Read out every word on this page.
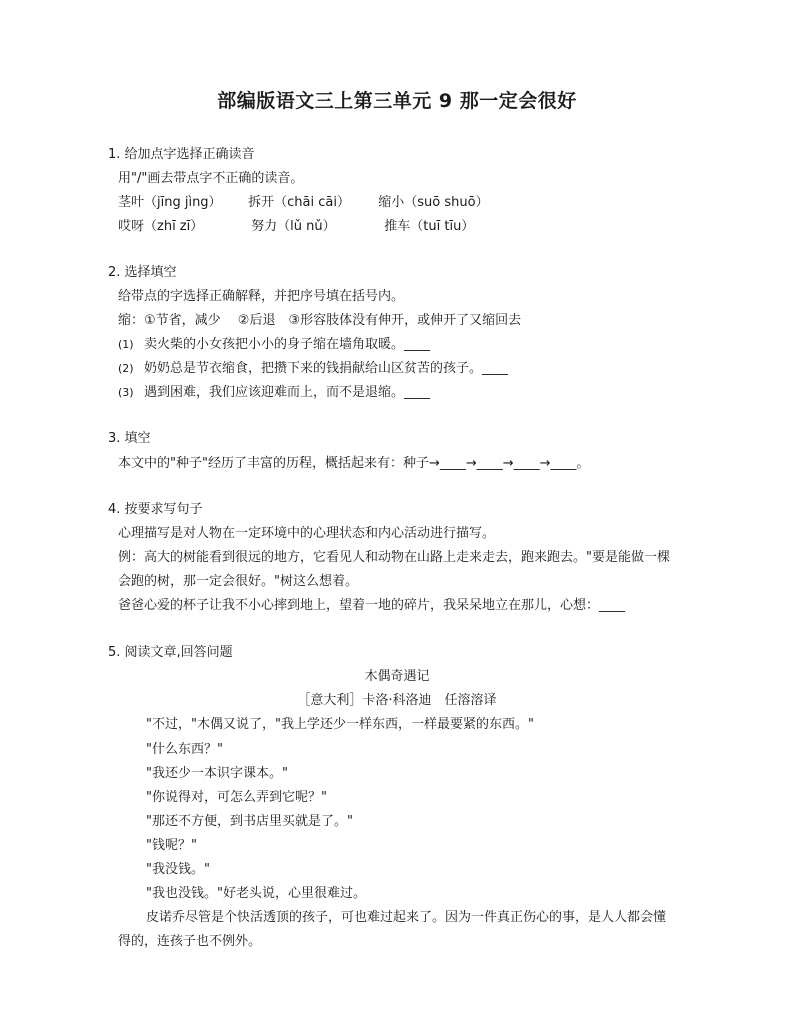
部编版语文三上第三单元 9 那一定会很好
1. 给加点字选择正确读音
用"/"画去带点字不正确的读音。
茎叶（jīng jìng） 拆开（chāi cāi） 缩小（suō shuō）
哎呀（zhī zī）	努力（lǔ nǔ）	推车（tuī tīu）
2. 选择填空
给带点的字选择正确解释，并把序号填在括号内。
缩：①节省，减少　 ②后退　③形容肢体没有伸开，或伸开了又缩回去
(1) 卖火柴的小女孩把小小的身子缩在墙角取暖。____
(2) 奶奶总是节衣缩食，把攒下来的钱捐献给山区贫苦的孩子。____
(3) 遇到困难，我们应该迎难而上，而不是退缩。____
3. 填空
本文中的"种子"经历了丰富的历程，概括起来有：种子→____→____→____→____。
4. 按要求写句子
心理描写是对人物在一定环境中的心理状态和内心活动进行描写。
例：高大的树能看到很远的地方，它看见人和动物在山路上走来走去，跑来跑去。"要是能做一棵
会跑的树，那一定会很好。"树这么想着。
爸爸心爱的杯子让我不小心摔到地上，望着一地的碎片，我呆呆地立在那儿，心想：____
5. 阅读文章,回答问题
木偶奇遇记
［意大利］卡洛·科洛迪　任溶溶译
"不过，"木偶又说了，"我上学还少一样东西，一样最要紧的东西。"
"什么东西？"
"我还少一本识字课本。"
"你说得对，可怎么弄到它呢？"
"那还不方便，到书店里买就是了。"
"钱呢？"
"我没钱。"
"我也没钱。"好老头说，心里很难过。
皮诺乔尽管是个快活透顶的孩子，可也难过起来了。因为一件真正伤心的事，是人人都会懂
得的，连孩子也不例外。
